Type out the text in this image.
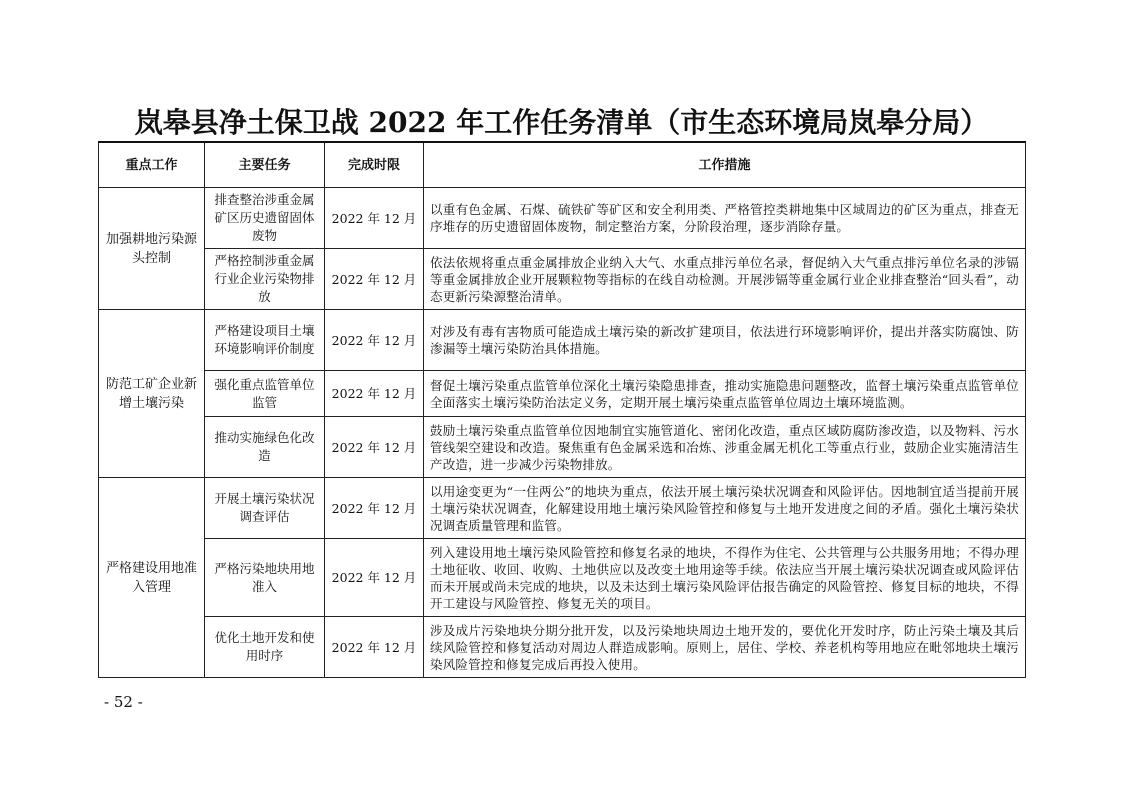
岚皋县净土保卫战 2022 年工作任务清单（市生态环境局岚皋分局）
重点工作	主要任务	完成时限	工作措施
加强耕地污染源头控制	排查整治涉重金属矿区历史遗留固体废物	2022 年 12 月	以重有色金属、石煤、硫铁矿等矿区和安全利用类、严格管控类耕地集中区域周边的矿区为重点，排查无序堆存的历史遗留固体废物，制定整治方案，分阶段治理，逐步消除存量。
	严格控制涉重金属行业企业污染物排放	2022 年 12 月	依法依规将重点重金属排放企业纳入大气、水重点排污单位名录，督促纳入大气重点排污单位名录的涉镉等重金属排放企业开展颗粒物等指标的在线自动检测。开展涉镉等重金属行业企业排查整治“回头看”，动态更新污染源整治清单。
防范工矿企业新增土壤污染	严格建设项目土壤环境影响评价制度	2022 年 12 月	对涉及有毒有害物质可能造成土壤污染的新改扩建项目，依法进行环境影响评价，提出并落实防腐蚀、防渗漏等土壤污染防治具体措施。
	强化重点监管单位监管	2022 年 12 月	督促土壤污染重点监管单位深化土壤污染隐患排查，推动实施隐患问题整改，监督土壤污染重点监管单位全面落实土壤污染防治法定义务，定期开展土壤污染重点监管单位周边土壤环境监测。
	推动实施绿色化改造	2022 年 12 月	鼓励土壤污染重点监管单位因地制宜实施管道化、密闭化改造，重点区域防腐防渗改造，以及物料、污水管线架空建设和改造。聚焦重有色金属采选和冶炼、涉重金属无机化工等重点行业，鼓励企业实施清洁生产改造，进一步减少污染物排放。
严格建设用地准入管理	开展土壤污染状况调查评估	2022 年 12 月	以用途变更为“一住两公”的地块为重点，依法开展土壤污染状况调查和风险评估。因地制宜适当提前开展土壤污染状况调查，化解建设用地土壤污染风险管控和修复与土地开发进度之间的矛盾。强化土壤污染状况调查质量管理和监管。
	严格污染地块用地准入	2022 年 12 月	列入建设用地土壤污染风险管控和修复名录的地块，不得作为住宅、公共管理与公共服务用地；不得办理土地征收、收回、收购、土地供应以及改变土地用途等手续。依法应当开展土壤污染状况调查或风险评估而未开展或尚未完成的地块，以及未达到土壤污染风险评估报告确定的风险管控、修复目标的地块，不得开工建设与风险管控、修复无关的项目。
	优化土地开发和使用时序	2022 年 12 月	涉及成片污染地块分期分批开发，以及污染地块周边土地开发的，要优化开发时序，防止污染土壤及其后续风险管控和修复活动对周边人群造成影响。原则上，居住、学校、养老机构等用地应在毗邻地块土壤污染风险管控和修复完成后再投入使用。
- 52 -
